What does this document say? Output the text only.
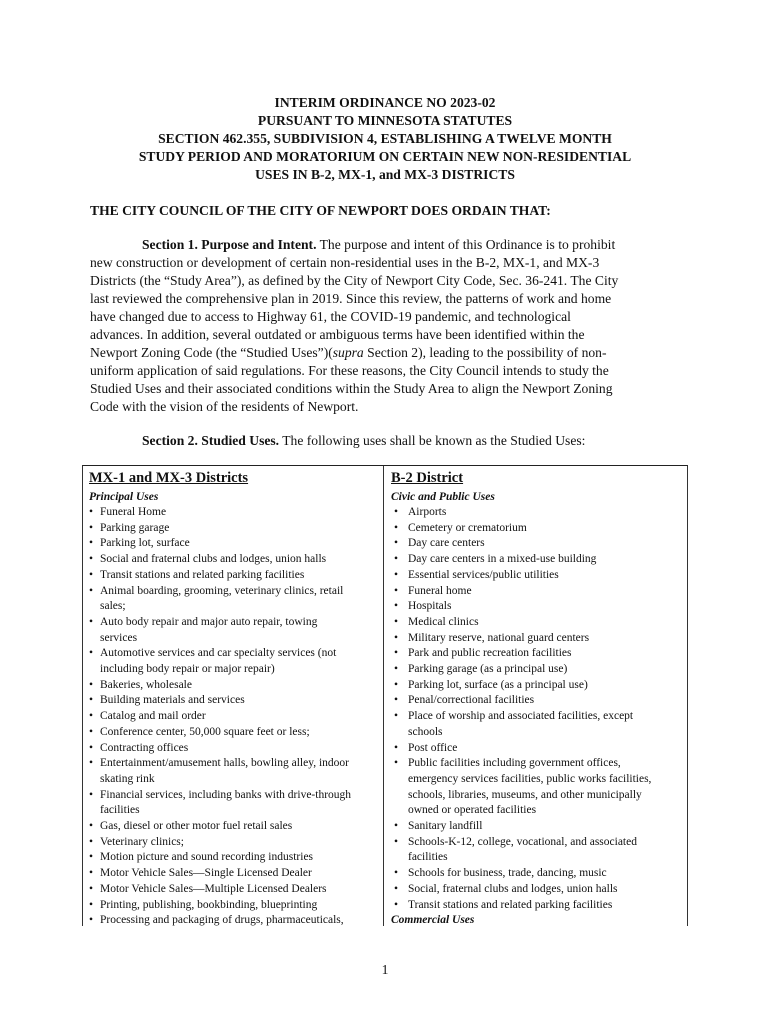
INTERIM ORDINANCE NO 2023-02
PURSUANT TO MINNESOTA STATUTES
SECTION 462.355, SUBDIVISION 4, ESTABLISHING A TWELVE MONTH
STUDY PERIOD AND MORATORIUM ON CERTAIN NEW NON-RESIDENTIAL
USES IN B-2, MX-1, and MX-3 DISTRICTS
THE CITY COUNCIL OF THE CITY OF NEWPORT DOES ORDAIN THAT:
Section 1. Purpose and Intent. The purpose and intent of this Ordinance is to prohibit
new construction or development of certain non-residential uses in the B-2, MX-1, and MX-3
Districts (the “Study Area”), as defined by the City of Newport City Code, Sec. 36-241. The City
last reviewed the comprehensive plan in 2019. Since this review, the patterns of work and home
have changed due to access to Highway 61, the COVID-19 pandemic, and technological
advances. In addition, several outdated or ambiguous terms have been identified within the
Newport Zoning Code (the “Studied Uses”)(supra Section 2), leading to the possibility of non-
uniform application of said regulations. For these reasons, the City Council intends to study the
Studied Uses and their associated conditions within the Study Area to align the Newport Zoning
Code with the vision of the residents of Newport.
Section 2. Studied Uses. The following uses shall be known as the Studied Uses:
MX-1 and MX-3 Districts
Principal Uses
• Funeral Home
• Parking garage
• Parking lot, surface
• Social and fraternal clubs and lodges, union halls
• Transit stations and related parking facilities
• Animal boarding, grooming, veterinary clinics, retail
sales;
• Auto body repair and major auto repair, towing
services
• Automotive services and car specialty services (not
including body repair or major repair)
• Bakeries, wholesale
• Building materials and services
• Catalog and mail order
• Conference center, 50,000 square feet or less;
• Contracting offices
• Entertainment/amusement halls, bowling alley, indoor
skating rink
• Financial services, including banks with drive-through
facilities
• Gas, diesel or other motor fuel retail sales
• Veterinary clinics;
• Motion picture and sound recording industries
• Motor Vehicle Sales—Single Licensed Dealer
• Motor Vehicle Sales—Multiple Licensed Dealers
• Printing, publishing, bookbinding, blueprinting
• Processing and packaging of drugs, pharmaceuticals,
B-2 District
Civic and Public Uses
• Airports
• Cemetery or crematorium
• Day care centers
• Day care centers in a mixed-use building
• Essential services/public utilities
• Funeral home
• Hospitals
• Medical clinics
• Military reserve, national guard centers
• Park and public recreation facilities
• Parking garage (as a principal use)
• Parking lot, surface (as a principal use)
• Penal/correctional facilities
• Place of worship and associated facilities, except
schools
• Post office
• Public facilities including government offices,
emergency services facilities, public works facilities,
schools, libraries, museums, and other municipally
owned or operated facilities
• Sanitary landfill
• Schools-K-12, college, vocational, and associated
facilities
• Schools for business, trade, dancing, music
• Social, fraternal clubs and lodges, union halls
• Transit stations and related parking facilities
Commercial Uses
1
